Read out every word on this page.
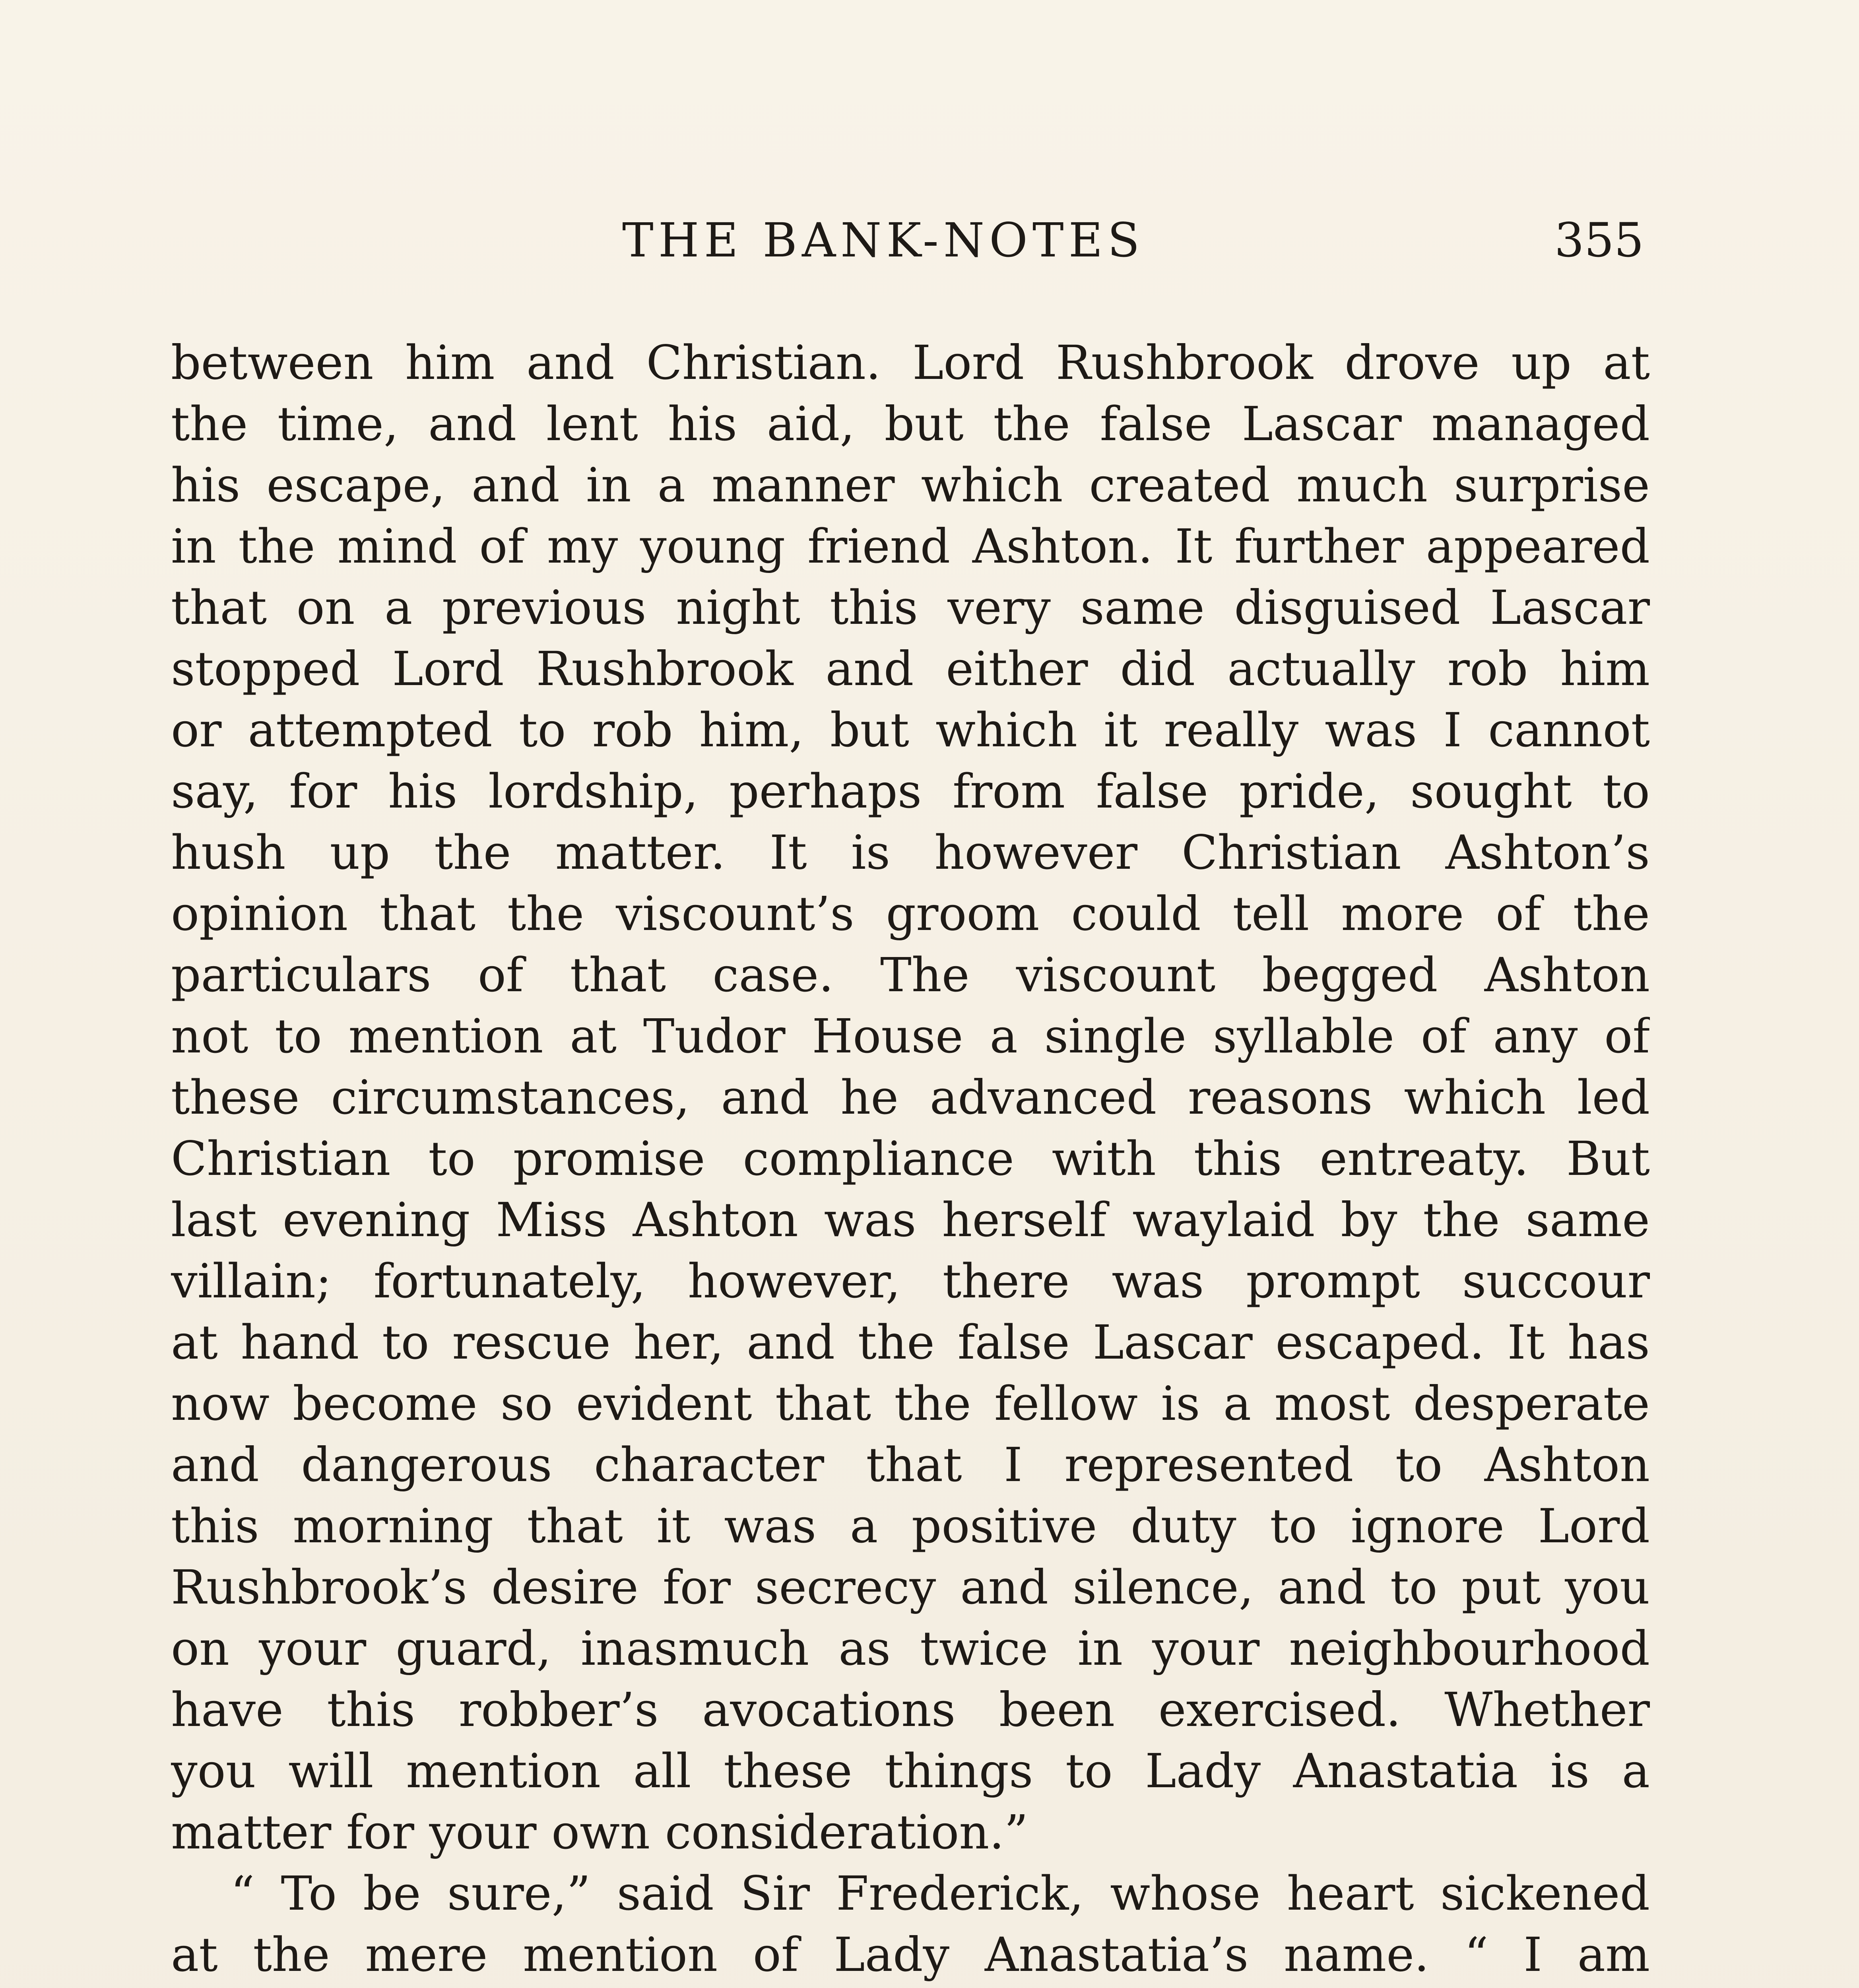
THE BANK-NOTES	355
between him and Christian. Lord Rushbrook drove up at
the time, and lent his aid, but the false Lascar managed
his escape, and in a manner which created much surprise
in the mind of my young friend Ashton. It further appeared
that on a previous night this very same disguised Lascar
stopped Lord Rushbrook and either did actually rob him
or attempted to rob him, but which it really was I cannot
say, for his lordship, perhaps from false pride, sought to
hush up the matter. It is however Christian Ashton’s
opinion that the viscount’s groom could tell more of the
particulars of that case. The viscount begged Ashton
not to mention at Tudor House a single syllable of any of
these circumstances, and he advanced reasons which led
Christian to promise compliance with this entreaty. But
last evening Miss Ashton was herself waylaid by the same
villain; fortunately, however, there was prompt succour
at hand to rescue her, and the false Lascar escaped. It has
now become so evident that the fellow is a most desperate
and dangerous character that I represented to Ashton
this morning that it was a positive duty to ignore Lord
Rushbrook’s desire for secrecy and silence, and to put you
on your guard, inasmuch as twice in your neighbourhood
have this robber’s avocations been exercised. Whether
you will mention all these things to Lady Anastatia is a
matter for your own consideration.”
“ To be sure,” said Sir Frederick, whose heart sickened
at the mere mention of Lady Anastatia’s name. “ I am
